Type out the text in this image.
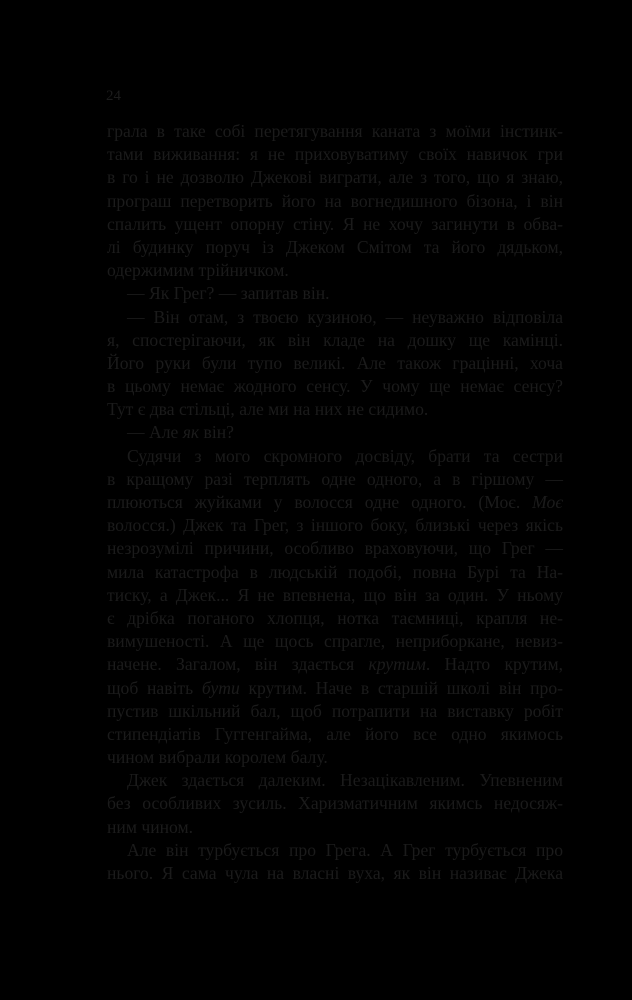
24
грала в таке собі перетягування каната з моїми інстинк-
тами виживання: я не приховуватиму своїх навичок гри
в го і не дозволю Джекові виграти, але з того, що я знаю,
програш перетворить його на вогнедишного бізона, і він
спалить ущент опорну стіну. Я не хочу загинути в обва-
лі будинку поруч із Джеком Смітом та його дядьком,
одержимим трійничком.
— Як Грег? — запитав він.
— Він отам, з твоєю кузиною, — неуважно відповіла
я, спостерігаючи, як він кладе на дошку ще камінці.
Його руки були тупо великі. Але також грацінні, хоча
в цьому немає жодного сенсу. У чому ще немає сенсу?
Тут є два стільці, але ми на них не сидимо.
— Але як він?
Судячи з мого скромного досвіду, брати та сестри
в кращому разі терплять одне одного, а в гіршому —
плюються жуйками у волосся одне одного. (Моє. Моє
волосся.) Джек та Грег, з іншого боку, близькі через якісь
незрозумілі причини, особливо враховуючи, що Грег —
мила катастрофа в людській подобі, повна Бурі та На-
тиску, а Джек... Я не впевнена, що він за один. У ньому
є дрібка поганого хлопця, нотка таємниці, крапля не-
вимушеності. А ще щось спрагле, неприборкане, невиз-
начене. Загалом, він здається крутим. Надто крутим,
щоб навіть бути крутим. Наче в старшій школі він про-
пустив шкільний бал, щоб потрапити на виставку робіт
стипендіатів Гуггенгайма, але його все одно якимось
чином вибрали королем балу.
Джек здається далеким. Незацікавленим. Упевненим
без особливих зусиль. Харизматичним якимсь недосяж-
ним чином.
Але він турбується про Грега. А Грег турбується про
нього. Я сама чула на власні вуха, як він називає Джека
